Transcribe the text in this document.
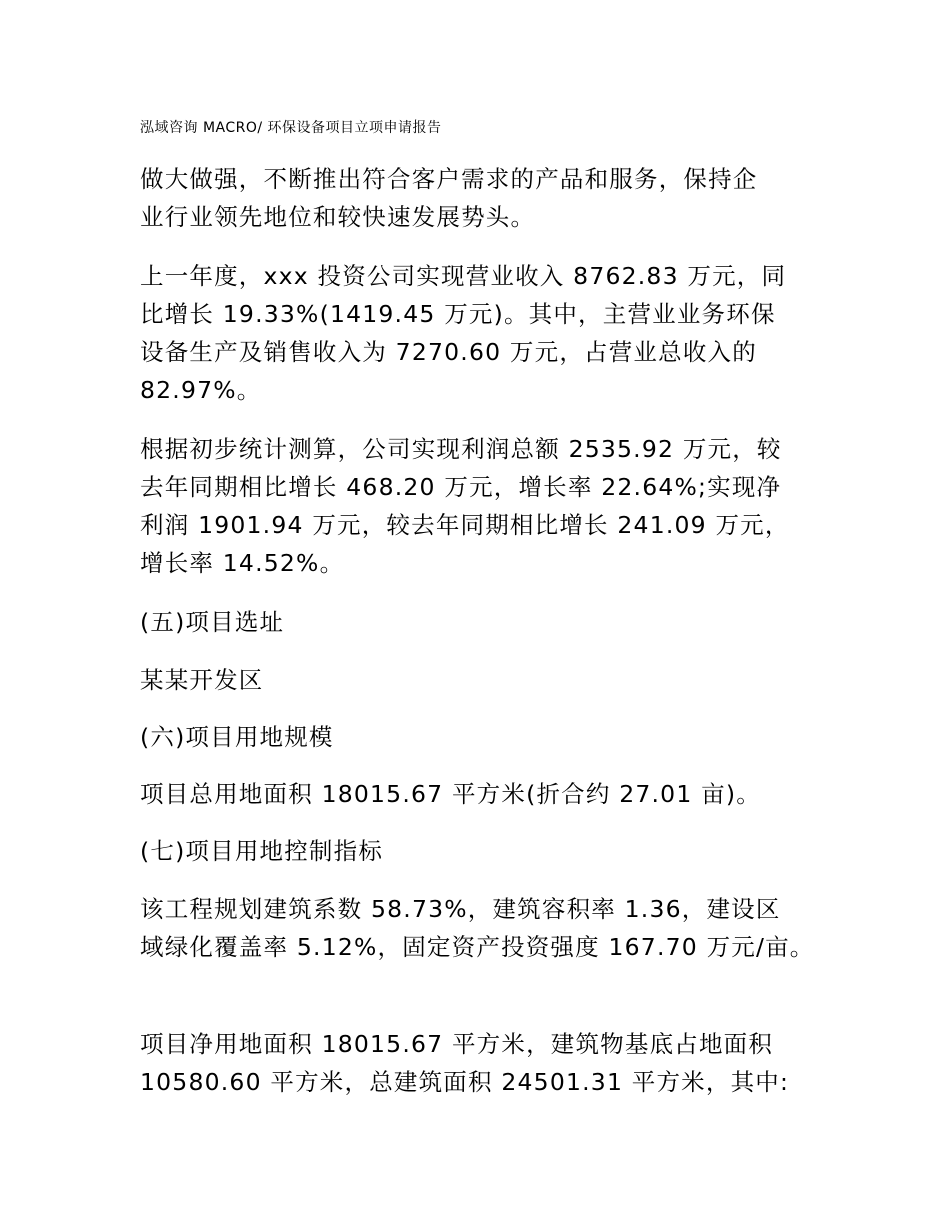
泓域咨询 MACRO/ 环保设备项目立项申请报告

做大做强，不断推出符合客户需求的产品和服务，保持企

业行业领先地位和较快速发展势头。

上一年度，xxx 投资公司实现营业收入 8762.83 万元，同

比增长 19.33%(1419.45 万元)。其中，主营业业务环保

设备生产及销售收入为 7270.60 万元，占营业总收入的

82.97%。

根据初步统计测算，公司实现利润总额 2535.92 万元，较

去年同期相比增长 468.20 万元，增长率 22.64%;实现净

利润 1901.94 万元，较去年同期相比增长 241.09 万元，

增长率 14.52%。

(五)项目选址

某某开发区

(六)项目用地规模

项目总用地面积 18015.67 平方米(折合约 27.01 亩)。

(七)项目用地控制指标

该工程规划建筑系数 58.73%，建筑容积率 1.36，建设区

域绿化覆盖率 5.12%，固定资产投资强度 167.70 万元/亩。

项目净用地面积 18015.67 平方米，建筑物基底占地面积

10580.60 平方米，总建筑面积 24501.31 平方米，其中:
